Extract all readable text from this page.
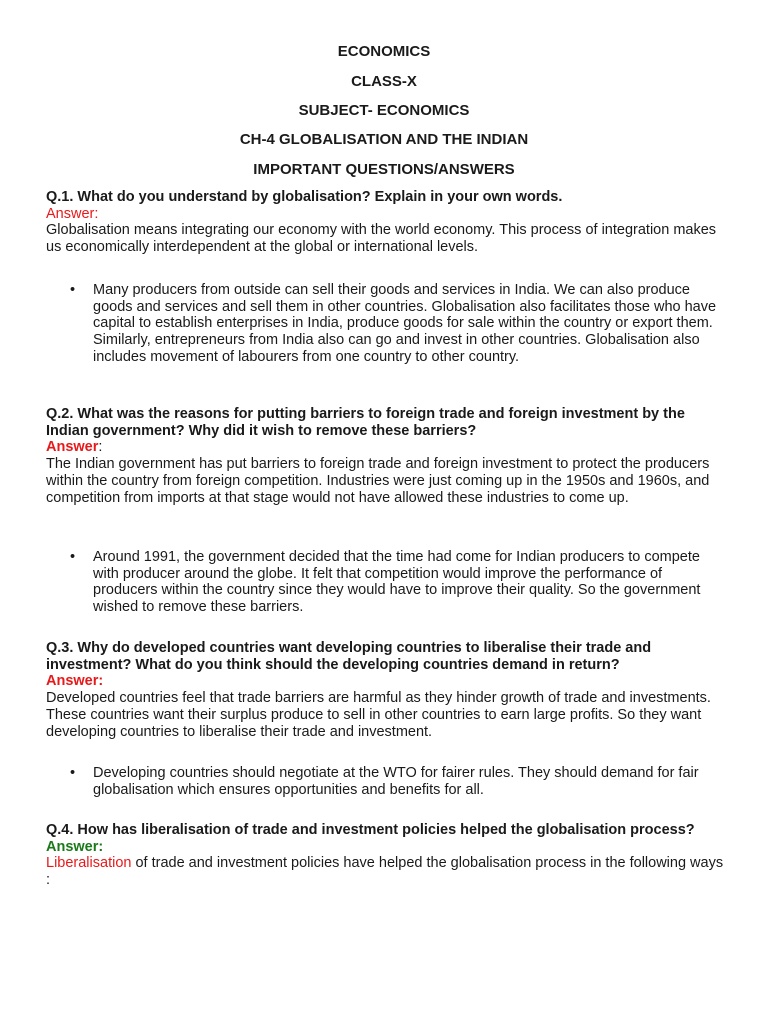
ECONOMICS
CLASS-X
SUBJECT- ECONOMICS
CH-4 GLOBALISATION AND THE INDIAN
IMPORTANT QUESTIONS/ANSWERS
Q.1. What do you understand by globalisation? Explain in your own words.
Answer:

Globalisation means integrating our economy with the world economy. This process of integration makes us economically interdependent at the global or international levels.

• Many producers from outside can sell their goods and services in India. We can also produce goods and services and sell them in other countries. Globalisation also facilitates those who have capital to establish enterprises in India, produce goods for sale within the country or export them. Similarly, entrepreneurs from India also can go and invest in other countries. Globalisation also includes movement of labourers from one country to other country.
Q.2. What was the reasons for putting barriers to foreign trade and foreign investment by the Indian government? Why did it wish to remove these barriers?
Answer:

The Indian government has put barriers to foreign trade and foreign investment to protect the producers within the country from foreign competition. Industries were just coming up in the 1950s and 1960s, and competition from imports at that stage would not have allowed these industries to come up.

• Around 1991, the government decided that the time had come for Indian producers to compete with producer around the globe. It felt that competition would improve the performance of producers within the country since they would have to improve their quality. So the government wished to remove these barriers.
Q.3. Why do developed countries want developing countries to liberalise their trade and investment? What do you think should the developing countries demand in return?
Answer:

Developed countries feel that trade barriers are harmful as they hinder growth of trade and investments. These countries want their surplus produce to sell in other countries to earn large profits. So they want developing countries to liberalise their trade and investment.

• Developing countries should negotiate at the WTO for fairer rules. They should demand for fair globalisation which ensures opportunities and benefits for all.
Q.4. How has liberalisation of trade and investment policies helped the globalisation process?
Answer:

Liberalisation of trade and investment policies have helped the globalisation process in the following ways :
